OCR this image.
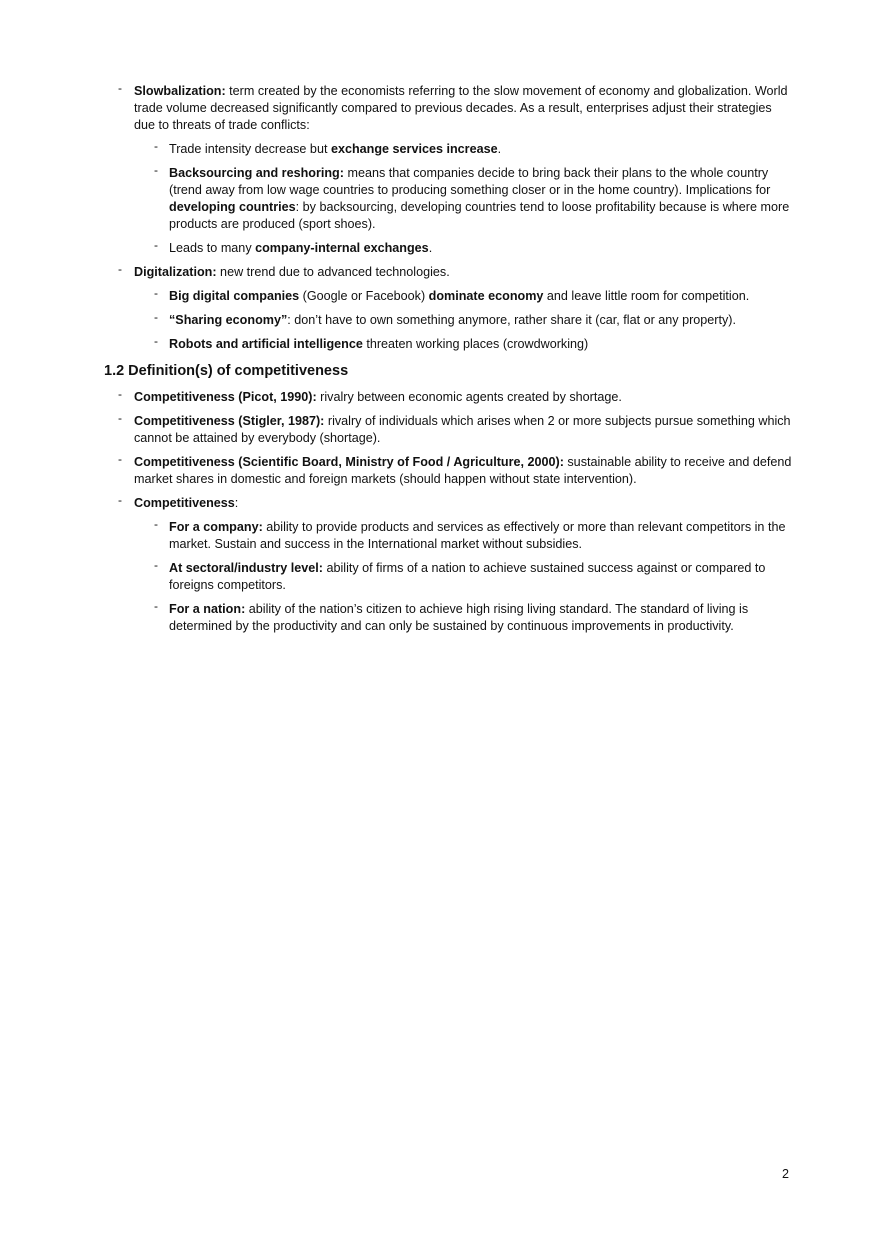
- Slowbalization: term created by the economists referring to the slow movement of economy and globalization. World trade volume decreased significantly compared to previous decades. As a result, enterprises adjust their strategies due to threats of trade conflicts:
- Trade intensity decrease but exchange services increase.
- Backsourcing and reshoring: means that companies decide to bring back their plans to the whole country (trend away from low wage countries to producing something closer or in the home country). Implications for developing countries: by backsourcing, developing countries tend to loose profitability because is where more products are produced (sport shoes).
- Leads to many company-internal exchanges.
- Digitalization: new trend due to advanced technologies.
- Big digital companies (Google or Facebook) dominate economy and leave little room for competition.
- “Sharing economy”: don’t have to own something anymore, rather share it (car, flat or any property).
- Robots and artificial intelligence threaten working places (crowdworking)
1.2 Definition(s) of competitiveness
- Competitiveness (Picot, 1990): rivalry between economic agents created by shortage.
- Competitiveness (Stigler, 1987): rivalry of individuals which arises when 2 or more subjects pursue something which cannot be attained by everybody (shortage).
- Competitiveness (Scientific Board, Ministry of Food / Agriculture, 2000): sustainable ability to receive and defend market shares in domestic and foreign markets (should happen without state intervention).
- Competitiveness:
- For a company: ability to provide products and services as effectively or more than relevant competitors in the market. Sustain and success in the International market without subsidies.
- At sectoral/industry level: ability of firms of a nation to achieve sustained success against or compared to foreigns competitors.
- For a nation: ability of the nation’s citizen to achieve high rising living standard. The standard of living is determined by the productivity and can only be sustained by continuous improvements in productivity.
2
